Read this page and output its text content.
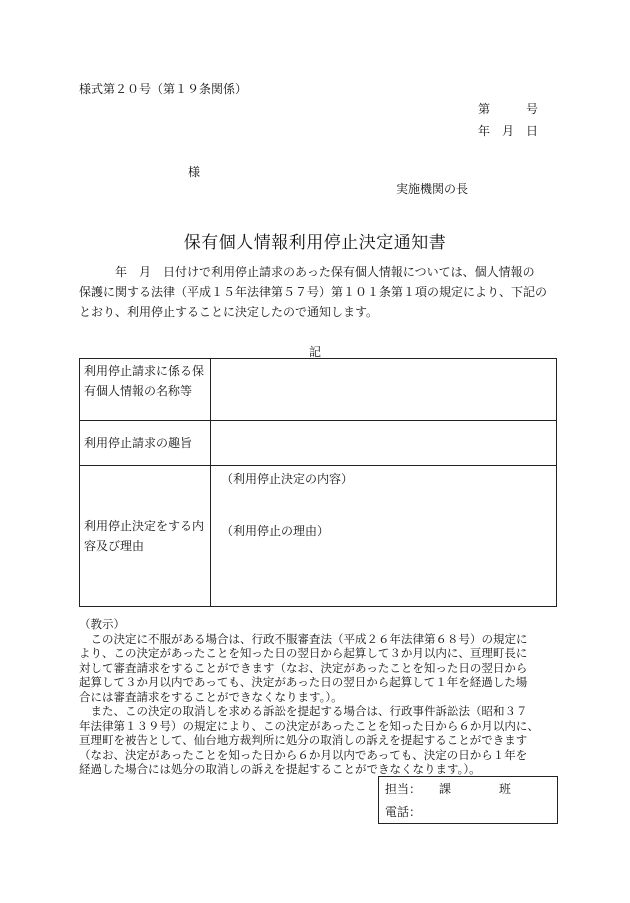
様式第２０号（第１９条関係）
第　　　号
年　月　日
様
実施機関の長
保有個人情報利用停止決定通知書
　　　年　月　日付けで利用停止請求のあった保有個人情報については、個人情報の
保護に関する法律（平成１５年法律第５７号）第１０１条第１項の規定により、下記の
とおり、利用停止することに決定したので通知します。
記
利用停止請求に係る保有個人情報の名称等	
利用停止請求の趣旨	
利用停止決定をする内容及び理由	（利用停止決定の内容）
（利用停止の理由）
（教示）
　この決定に不服がある場合は、行政不服審査法（平成２６年法律第６８号）の規定に
より、この決定があったことを知った日の翌日から起算して３か月以内に、亘理町長に
対して審査請求をすることができます（なお、決定があったことを知った日の翌日から
起算して３か月以内であっても、決定があった日の翌日から起算して１年を経過した場
合には審査請求をすることができなくなります。）。
　また、この決定の取消しを求める訴訟を提起する場合は、行政事件訴訟法（昭和３７
年法律第１３９号）の規定により、この決定があったことを知った日から６か月以内に、
亘理町を被告として、仙台地方裁判所に処分の取消しの訴えを提起することができます
（なお、決定があったことを知った日から６か月以内であっても、決定の日から１年を
経過した場合には処分の取消しの訴えを提起することができなくなります。）。
担当：　　 課　　　　班
電話：
